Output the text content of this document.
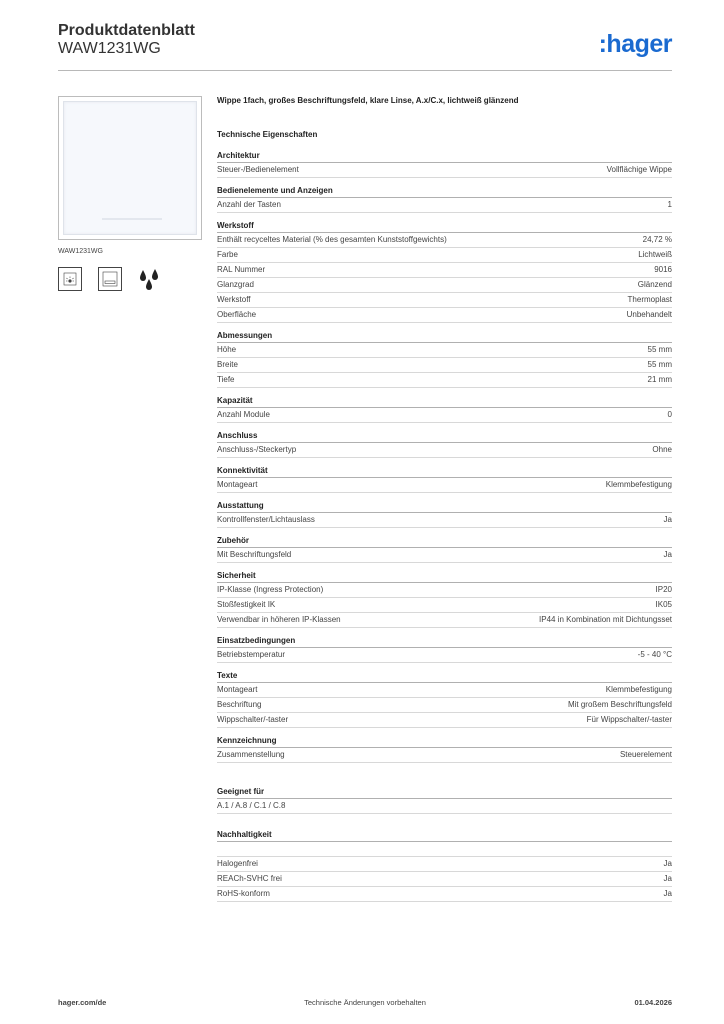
Produktdatenblatt
WAW1231WG	:hager
WAW1231WG
Wippe 1fach, großes Beschriftungsfeld, klare Linse, A.x/C.x, lichtweiß glänzend
Technische Eigenschaften
Architektur
Steuer-/Bedienelement	Vollflächige Wippe
Bedienelemente und Anzeigen
Anzahl der Tasten	1
Werkstoff
Enthält recyceltes Material (% des gesamten Kunststoffgewichts)	24,72 %
Farbe	Lichtweiß
RAL Nummer	9016
Glanzgrad	Glänzend
Werkstoff	Thermoplast
Oberfläche	Unbehandelt
Abmessungen
Höhe	55 mm
Breite	55 mm
Tiefe	21 mm
Kapazität
Anzahl Module	0
Anschluss
Anschluss-/Steckertyp	Ohne
Konnektivität
Montageart	Klemmbefestigung
Ausstattung
Kontrollfenster/Lichtauslass	Ja
Zubehör
Mit Beschriftungsfeld	Ja
Sicherheit
IP-Klasse (Ingress Protection)	IP20
Stoßfestigkeit IK	IK05
Verwendbar in höheren IP-Klassen	IP44 in Kombination mit Dichtungsset
Einsatzbedingungen
Betriebstemperatur	-5 - 40 °C
Texte
Montageart	Klemmbefestigung
Beschriftung	Mit großem Beschriftungsfeld
Wippschalter/-taster	Für Wippschalter/-taster
Kennzeichnung
Zusammenstellung	Steuerelement
Geeignet für
A.1 / A.8 / C.1 / C.8
Nachhaltigkeit
Halogenfrei	Ja
REACh-SVHC frei	Ja
RoHS-konform	Ja
hager.com/de	Technische Änderungen vorbehalten	01.04.2026
